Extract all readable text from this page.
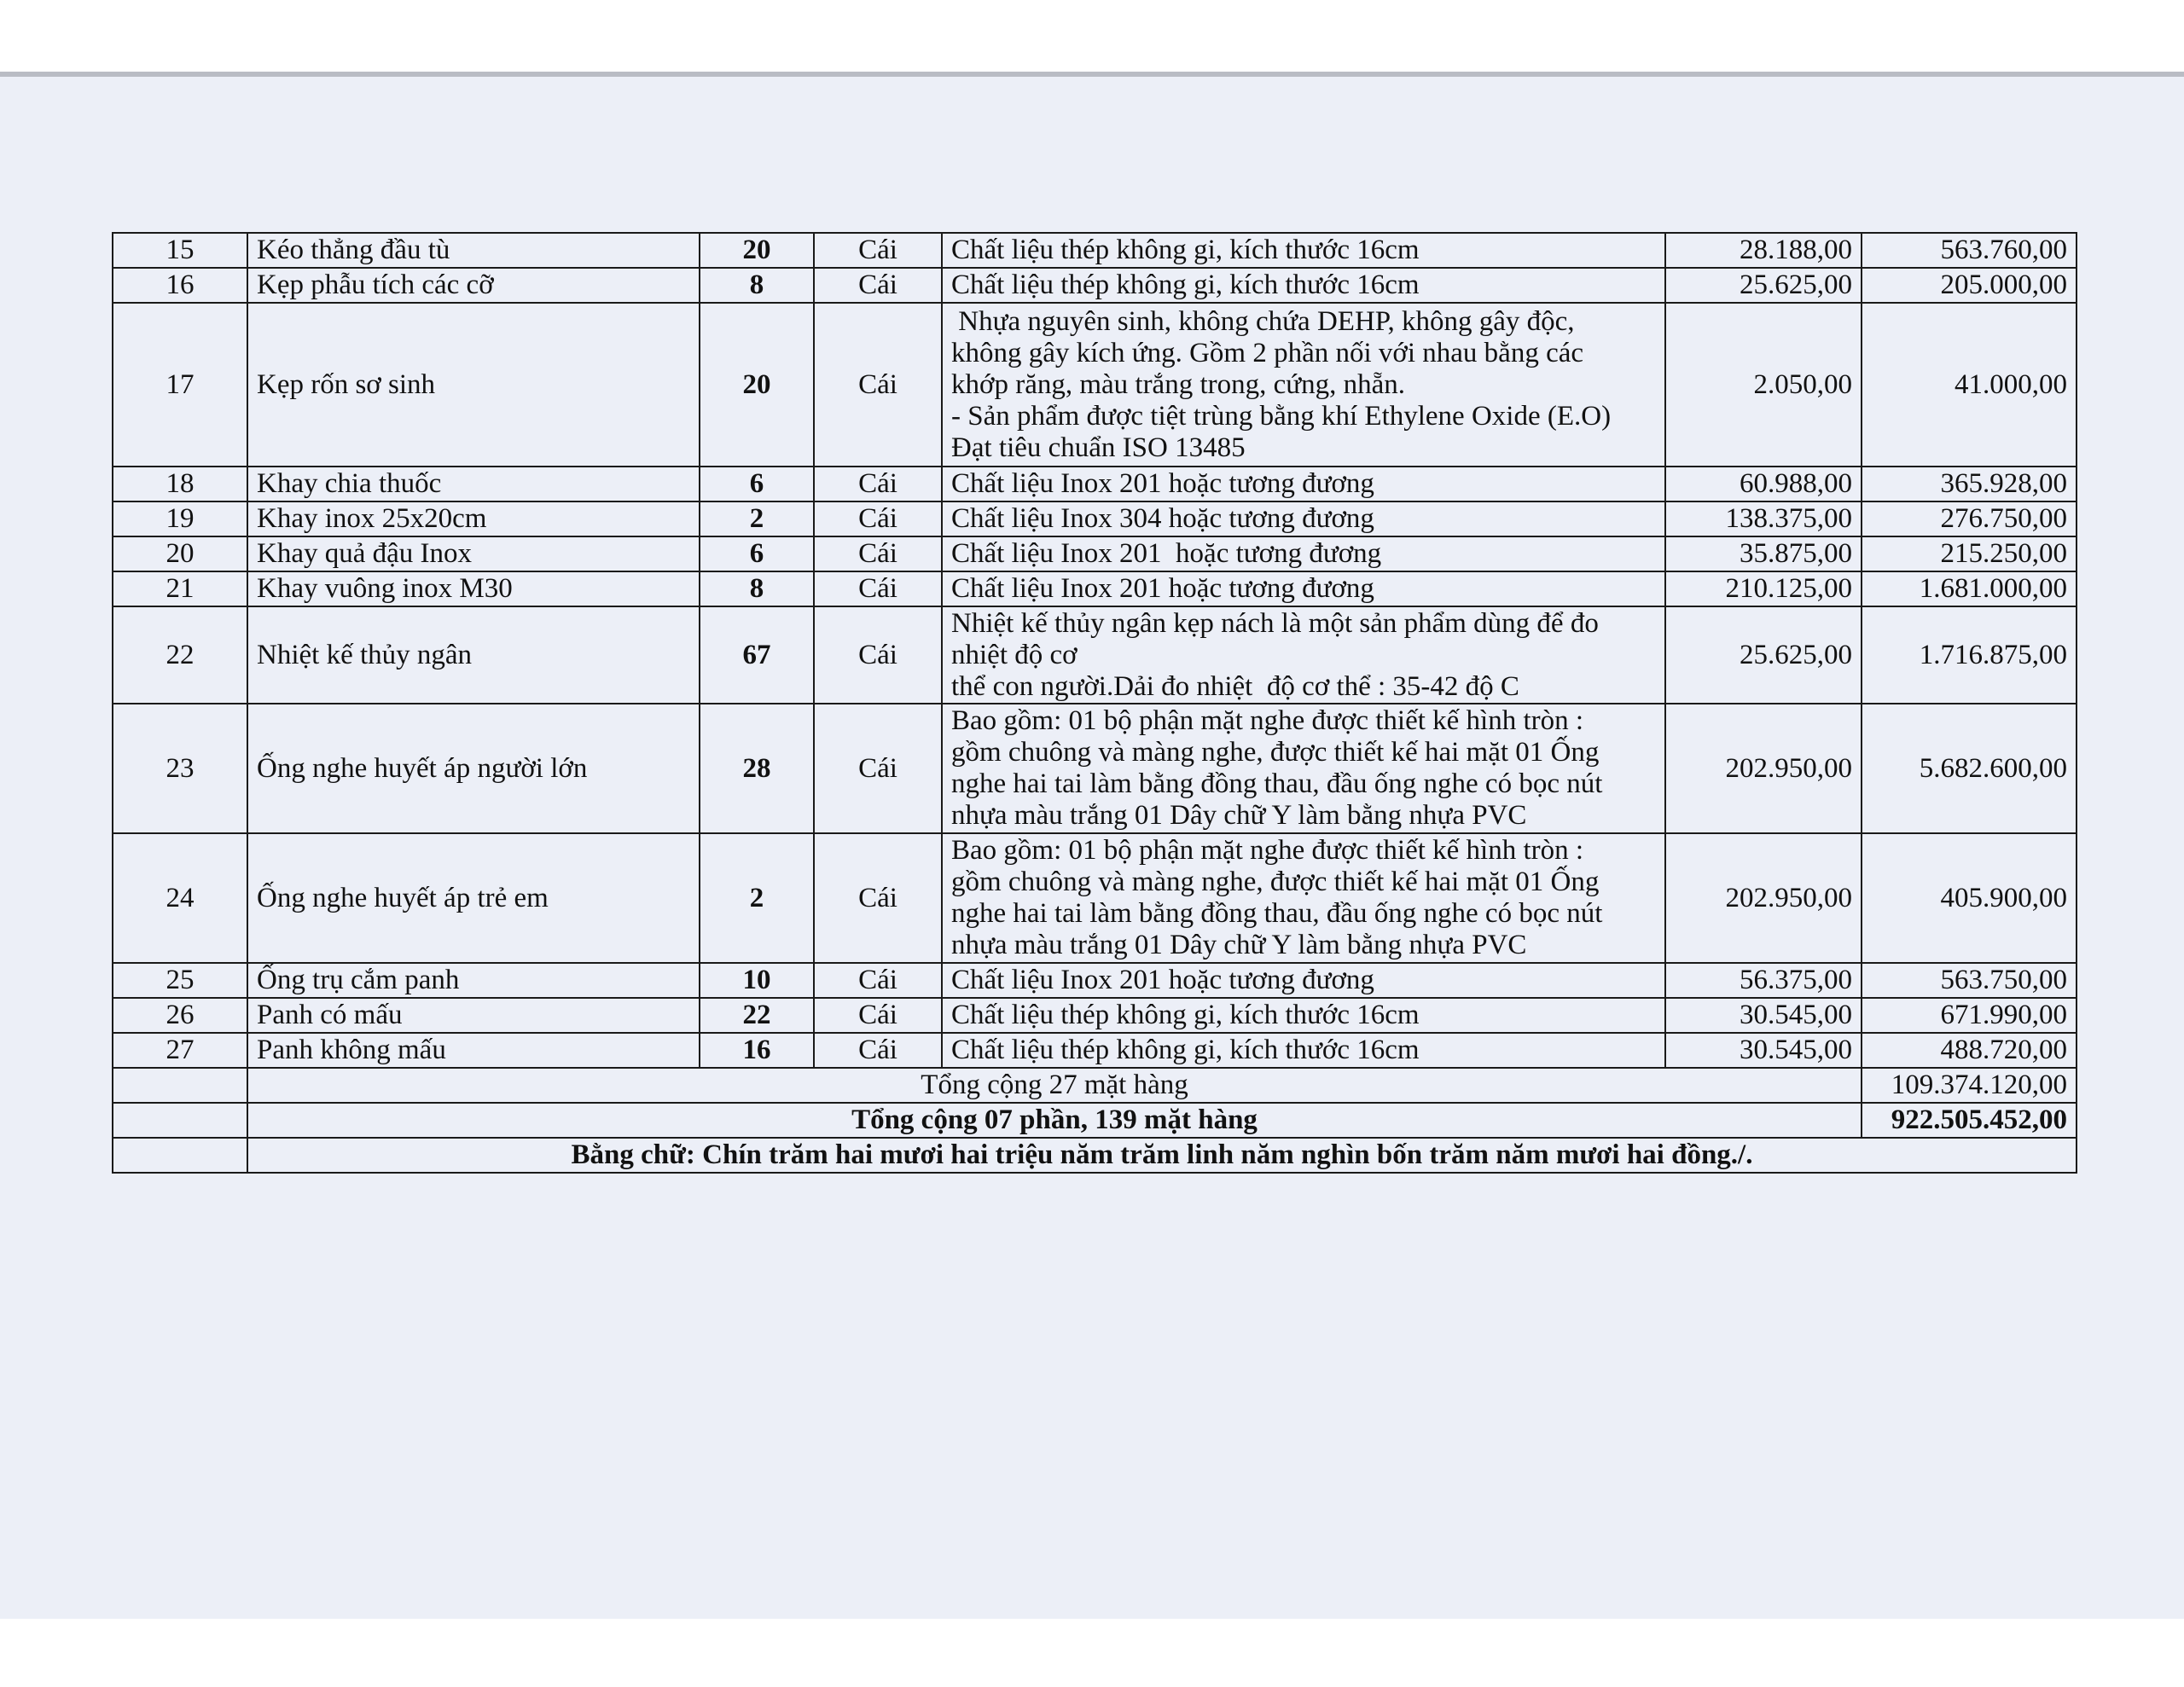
15	Kéo thẳng đầu tù	20	Cái	Chất liệu thép không gi, kích thước 16cm	28.188,00	563.760,00
16	Kẹp phẫu tích các cỡ	8	Cái	Chất liệu thép không gi, kích thước 16cm	25.625,00	205.000,00
17	Kẹp rốn sơ sinh	20	Cái	Nhựa nguyên sinh, không chứa DEHP, không gây độc,
không gây kích ứng. Gồm 2 phần nối với nhau bằng các
khớp răng, màu trắng trong, cứng, nhẵn.
- Sản phẩm được tiệt trùng bằng khí Ethylene Oxide (E.O)
Đạt tiêu chuẩn ISO 13485	2.050,00	41.000,00
18	Khay chia thuốc	6	Cái	Chất liệu Inox 201 hoặc tương đương	60.988,00	365.928,00
19	Khay inox 25x20cm	2	Cái	Chất liệu Inox 304 hoặc tương đương	138.375,00	276.750,00
20	Khay quả đậu Inox	6	Cái	Chất liệu Inox 201  hoặc tương đương	35.875,00	215.250,00
21	Khay vuông inox M30	8	Cái	Chất liệu Inox 201 hoặc tương đương	210.125,00	1.681.000,00
22	Nhiệt kế thủy ngân	67	Cái	Nhiệt kế thủy ngân kẹp nách là một sản phẩm dùng để đo
nhiệt độ cơ
thể con người.Dải đo nhiệt  độ cơ thể : 35-42 độ C	25.625,00	1.716.875,00
23	Ống nghe huyết áp người lớn	28	Cái	Bao gồm: 01 bộ phận mặt nghe được thiết kế hình tròn :
gồm chuông và màng nghe, được thiết kế hai mặt 01 Ống
nghe hai tai làm bằng đồng thau, đầu ống nghe có bọc nút
nhựa màu trắng 01 Dây chữ Y làm bằng nhựa PVC	202.950,00	5.682.600,00
24	Ống nghe huyết áp trẻ em	2	Cái	Bao gồm: 01 bộ phận mặt nghe được thiết kế hình tròn :
gồm chuông và màng nghe, được thiết kế hai mặt 01 Ống
nghe hai tai làm bằng đồng thau, đầu ống nghe có bọc nút
nhựa màu trắng 01 Dây chữ Y làm bằng nhựa PVC	202.950,00	405.900,00
25	Ống trụ cắm panh	10	Cái	Chất liệu Inox 201 hoặc tương đương	56.375,00	563.750,00
26	Panh có mấu	22	Cái	Chất liệu thép không gi, kích thước 16cm	30.545,00	671.990,00
27	Panh không mấu	16	Cái	Chất liệu thép không gi, kích thước 16cm	30.545,00	488.720,00
	Tổng cộng 27 mặt hàng					109.374.120,00
	Tổng cộng 07 phần, 139 mặt hàng					922.505.452,00
	Bằng chữ: Chín trăm hai mươi hai triệu năm trăm linh năm nghìn bốn trăm năm mươi hai đồng./.					
